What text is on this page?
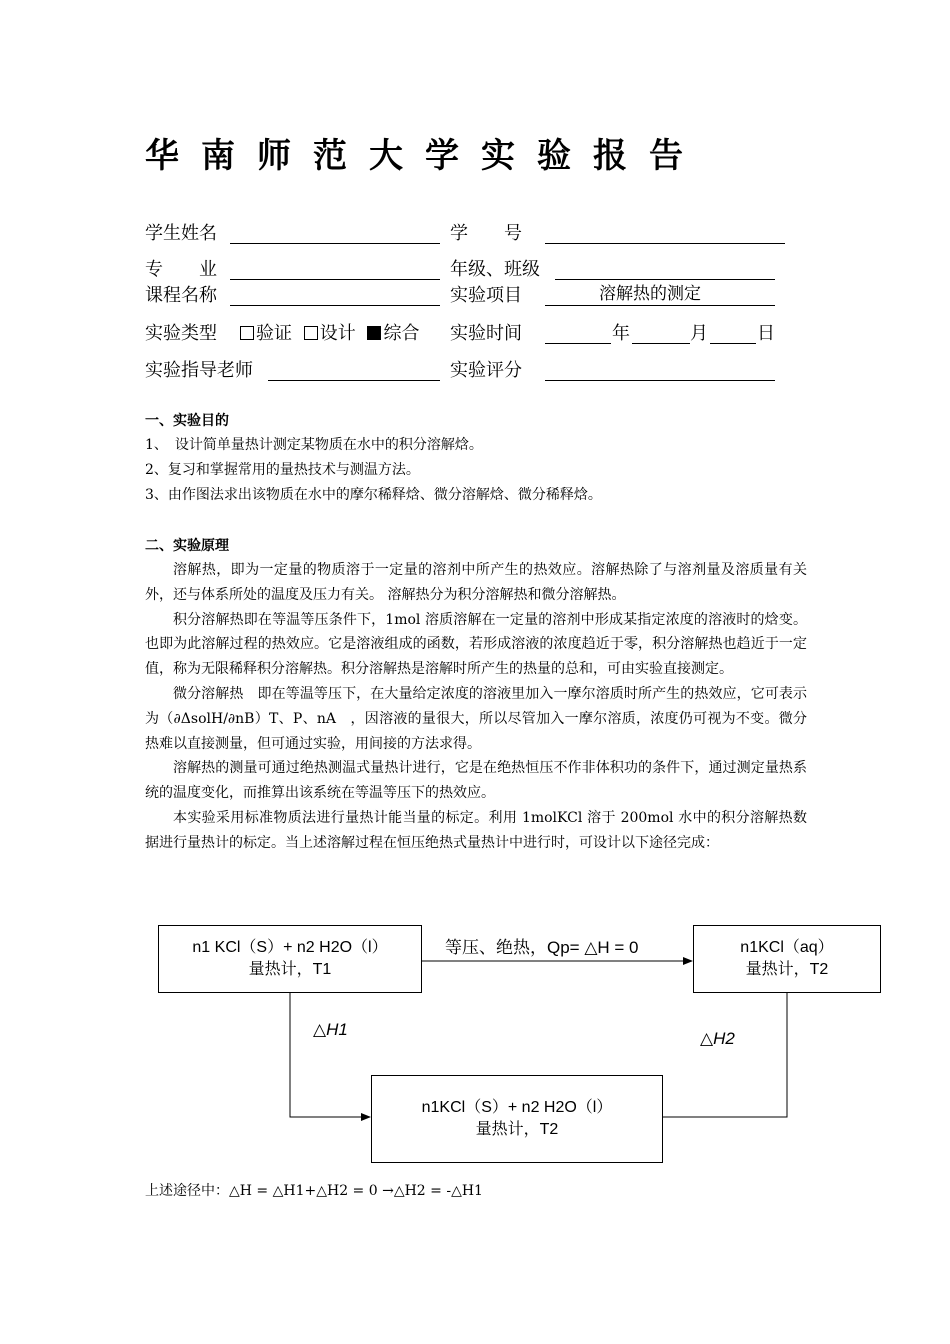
华南师范大学实验报告
学生姓名	学　　号
专　　业	年级、班级
课程名称	实验项目	溶解热的测定
实验类型	验证 设计 综合 实验时间	年	月	日
实验指导老师	实验评分
一、实验目的
1、　设计简单量热计测定某物质在水中的积分溶解焓。
2、复习和掌握常用的量热技术与测温方法。
3、由作图法求出该物质在水中的摩尔稀释焓、微分溶解焓、微分稀释焓。
二、实验原理

溶解热，即为一定量的物质溶于一定量的溶剂中所产生的热效应。溶解热除了与溶剂量及溶质量有关外，还与体系所处的温度及压力有关。 溶解热分为积分溶解热和微分溶解热。

积分溶解热即在等温等压条件下，1mol 溶质溶解在一定量的溶剂中形成某指定浓度的溶液时的焓变。也即为此溶解过程的热效应。它是溶液组成的函数，若形成溶液的浓度趋近于零，积分溶解热也趋近于一定值，称为无限稀释积分溶解热。积分溶解热是溶解时所产生的热量的总和，可由实验直接测定。

微分溶解热　即在等温等压下，在大量给定浓度的溶液里加入一摩尔溶质时所产生的热效应，它可表示为（∂ΔsolH/∂nB）T、P、nA　，因溶液的量很大，所以尽管加入一摩尔溶质，浓度仍可视为不变。微分热难以直接测量，但可通过实验，用间接的方法求得。

溶解热的测量可通过绝热测温式量热计进行，它是在绝热恒压不作非体积功的条件下，通过测定量热系统的温度变化，而推算出该系统在等温等压下的热效应。

本实验采用标准物质法进行量热计能当量的标定。利用 1molKCl 溶于 200mol 水中的积分溶解热数据进行量热计的标定。当上述溶解过程在恒压绝热式量热计中进行时，可设计以下途径完成：

n1 KCl（S）+ n2 H2O（l）
量热计，T1
等压、绝热，Qp= △H = 0	n1KCl（aq）
量热计，T2
△H1	△H2
n1KCl（S）+ n2 H2O（l）
量热计，T2
上述途径中：△H = △H1+△H2 = 0 →△H2 = -△H1
